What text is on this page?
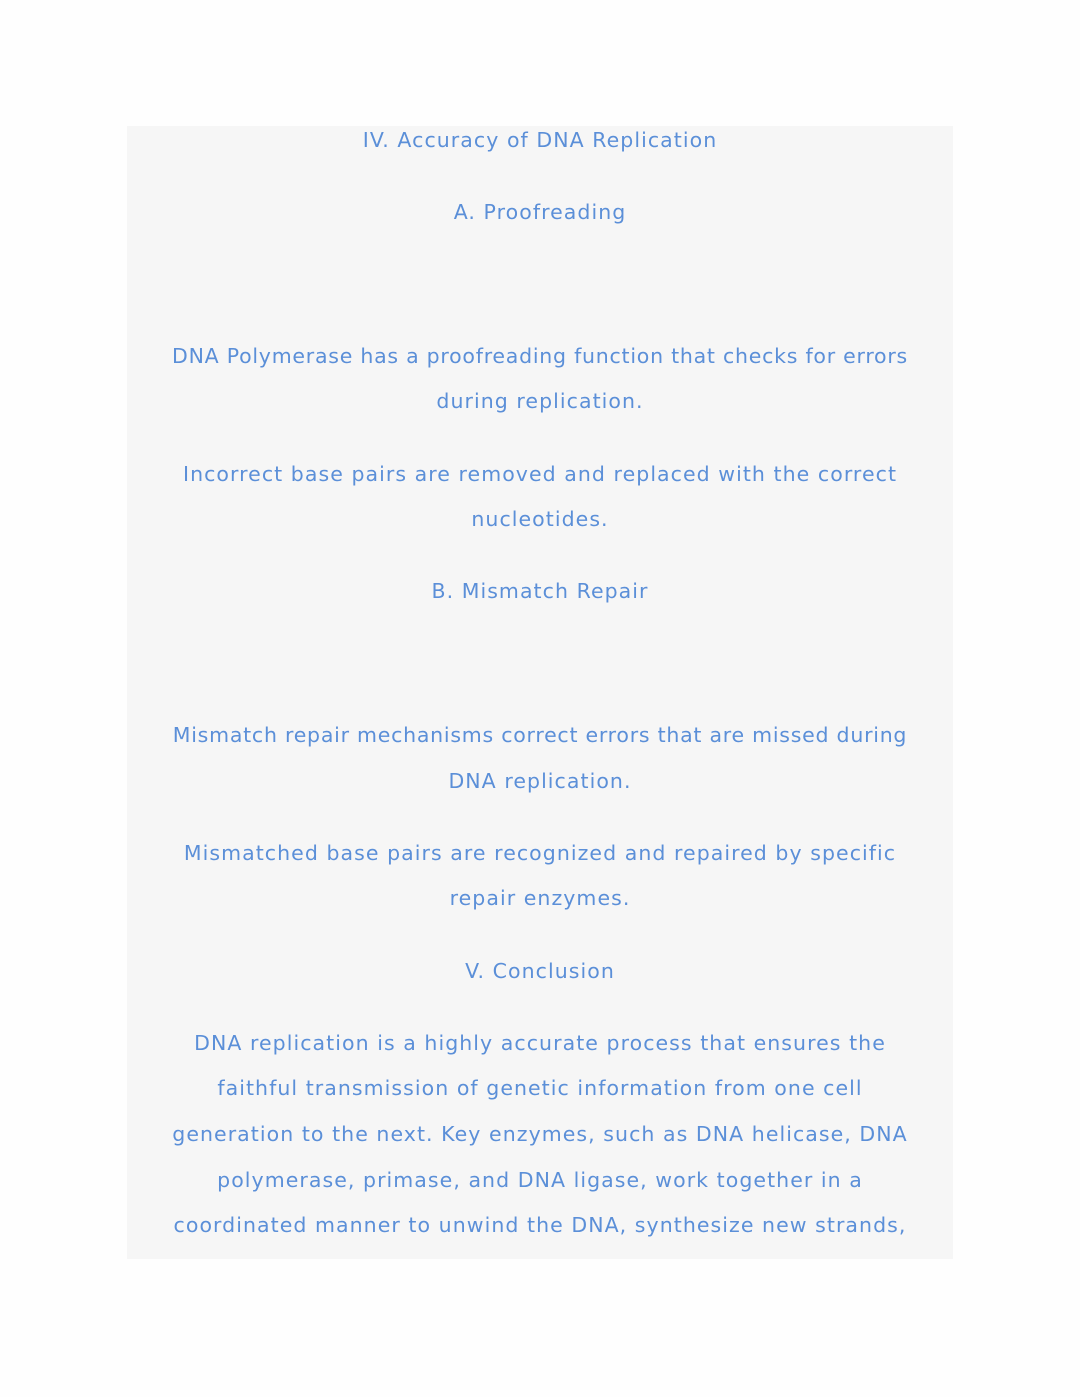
IV. Accuracy of DNA Replication
A. Proofreading
DNA Polymerase has a proofreading function that checks for errors
during replication.
Incorrect base pairs are removed and replaced with the correct
nucleotides.
B. Mismatch Repair
Mismatch repair mechanisms correct errors that are missed during
DNA replication.
Mismatched base pairs are recognized and repaired by specific
repair enzymes.
V. Conclusion
DNA replication is a highly accurate process that ensures the
faithful transmission of genetic information from one cell
generation to the next. Key enzymes, such as DNA helicase, DNA
polymerase, primase, and DNA ligase, work together in a
coordinated manner to unwind the DNA, synthesize new strands,
